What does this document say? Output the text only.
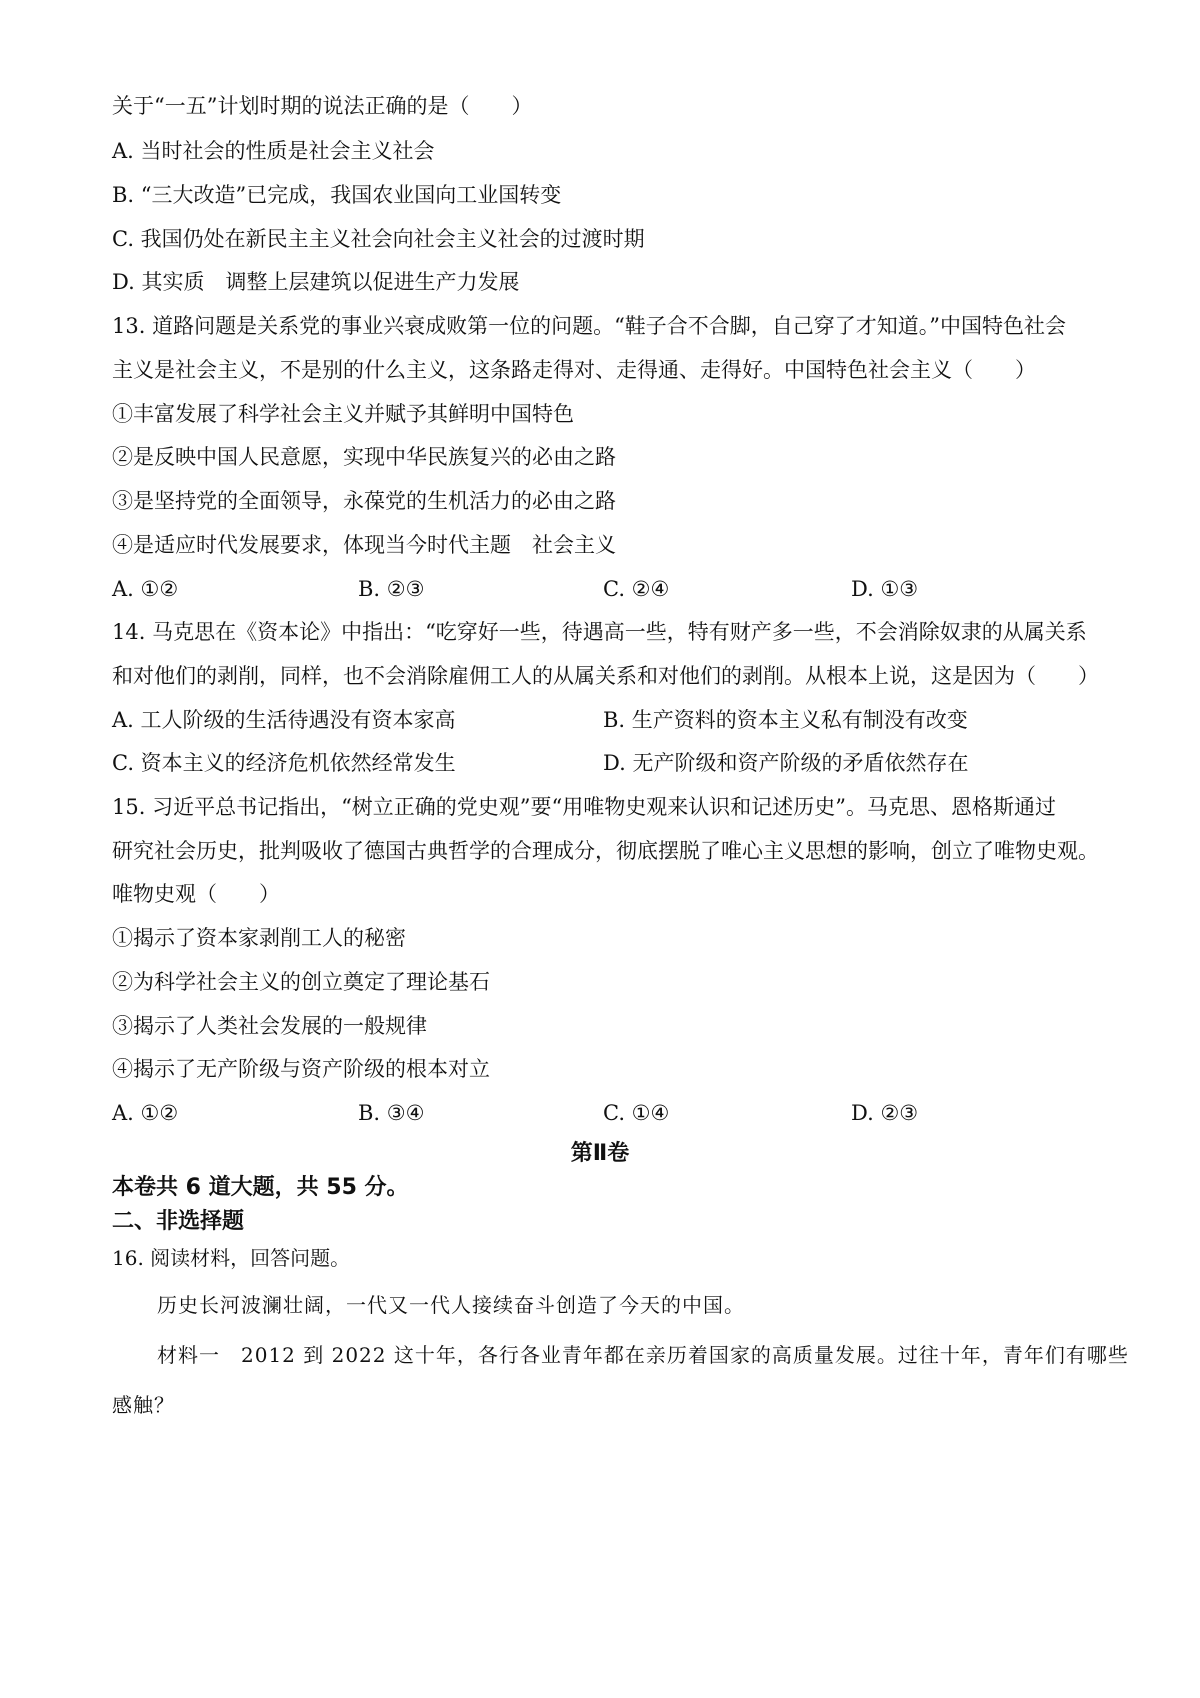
关于“一五”计划时期的说法正确的是（　　）
A. 当时社会的性质是社会主义社会
B. “三大改造”已完成，我国农业国向工业国转变
C. 我国仍处在新民主主义社会向社会主义社会的过渡时期
D. 其实质　调整上层建筑以促进生产力发展
13. 道路问题是关系党的事业兴衰成败第一位的问题。“鞋子合不合脚，自己穿了才知道。”中国特色社会
主义是社会主义，不是别的什么主义，这条路走得对、走得通、走得好。中国特色社会主义（　　）
①丰富发展了科学社会主义并赋予其鲜明中国特色
②是反映中国人民意愿，实现中华民族复兴的必由之路
③是坚持党的全面领导，永葆党的生机活力的必由之路
④是适应时代发展要求，体现当今时代主题　社会主义
A. ①②	B. ②③	C. ②④	D. ①③
14. 马克思在《资本论》中指出：“吃穿好一些，待遇高一些，特有财产多一些，不会消除奴隶的从属关系
和对他们的剥削，同样，也不会消除雇佣工人的从属关系和对他们的剥削。从根本上说，这是因为（　　）
A. 工人阶级的生活待遇没有资本家高	B. 生产资料的资本主义私有制没有改变
C. 资本主义的经济危机依然经常发生	D. 无产阶级和资产阶级的矛盾依然存在
15. 习近平总书记指出，“树立正确的党史观”要“用唯物史观来认识和记述历史”。马克思、恩格斯通过
研究社会历史，批判吸收了德国古典哲学的合理成分，彻底摆脱了唯心主义思想的影响，创立了唯物史观。
唯物史观（　　）
①揭示了资本家剥削工人的秘密
②为科学社会主义的创立奠定了理论基石
③揭示了人类社会发展的一般规律
④揭示了无产阶级与资产阶级的根本对立
A. ①②	B. ③④	C. ①④	D. ②③
第Ⅱ卷
本卷共 6 道大题，共 55 分。
二、非选择题
16. 阅读材料，回答问题。
历史长河波澜壮阔，一代又一代人接续奋斗创造了今天的中国。
材料一　2012 到 2022 这十年，各行各业青年都在亲历着国家的高质量发展。过往十年，青年们有哪些
感触？
